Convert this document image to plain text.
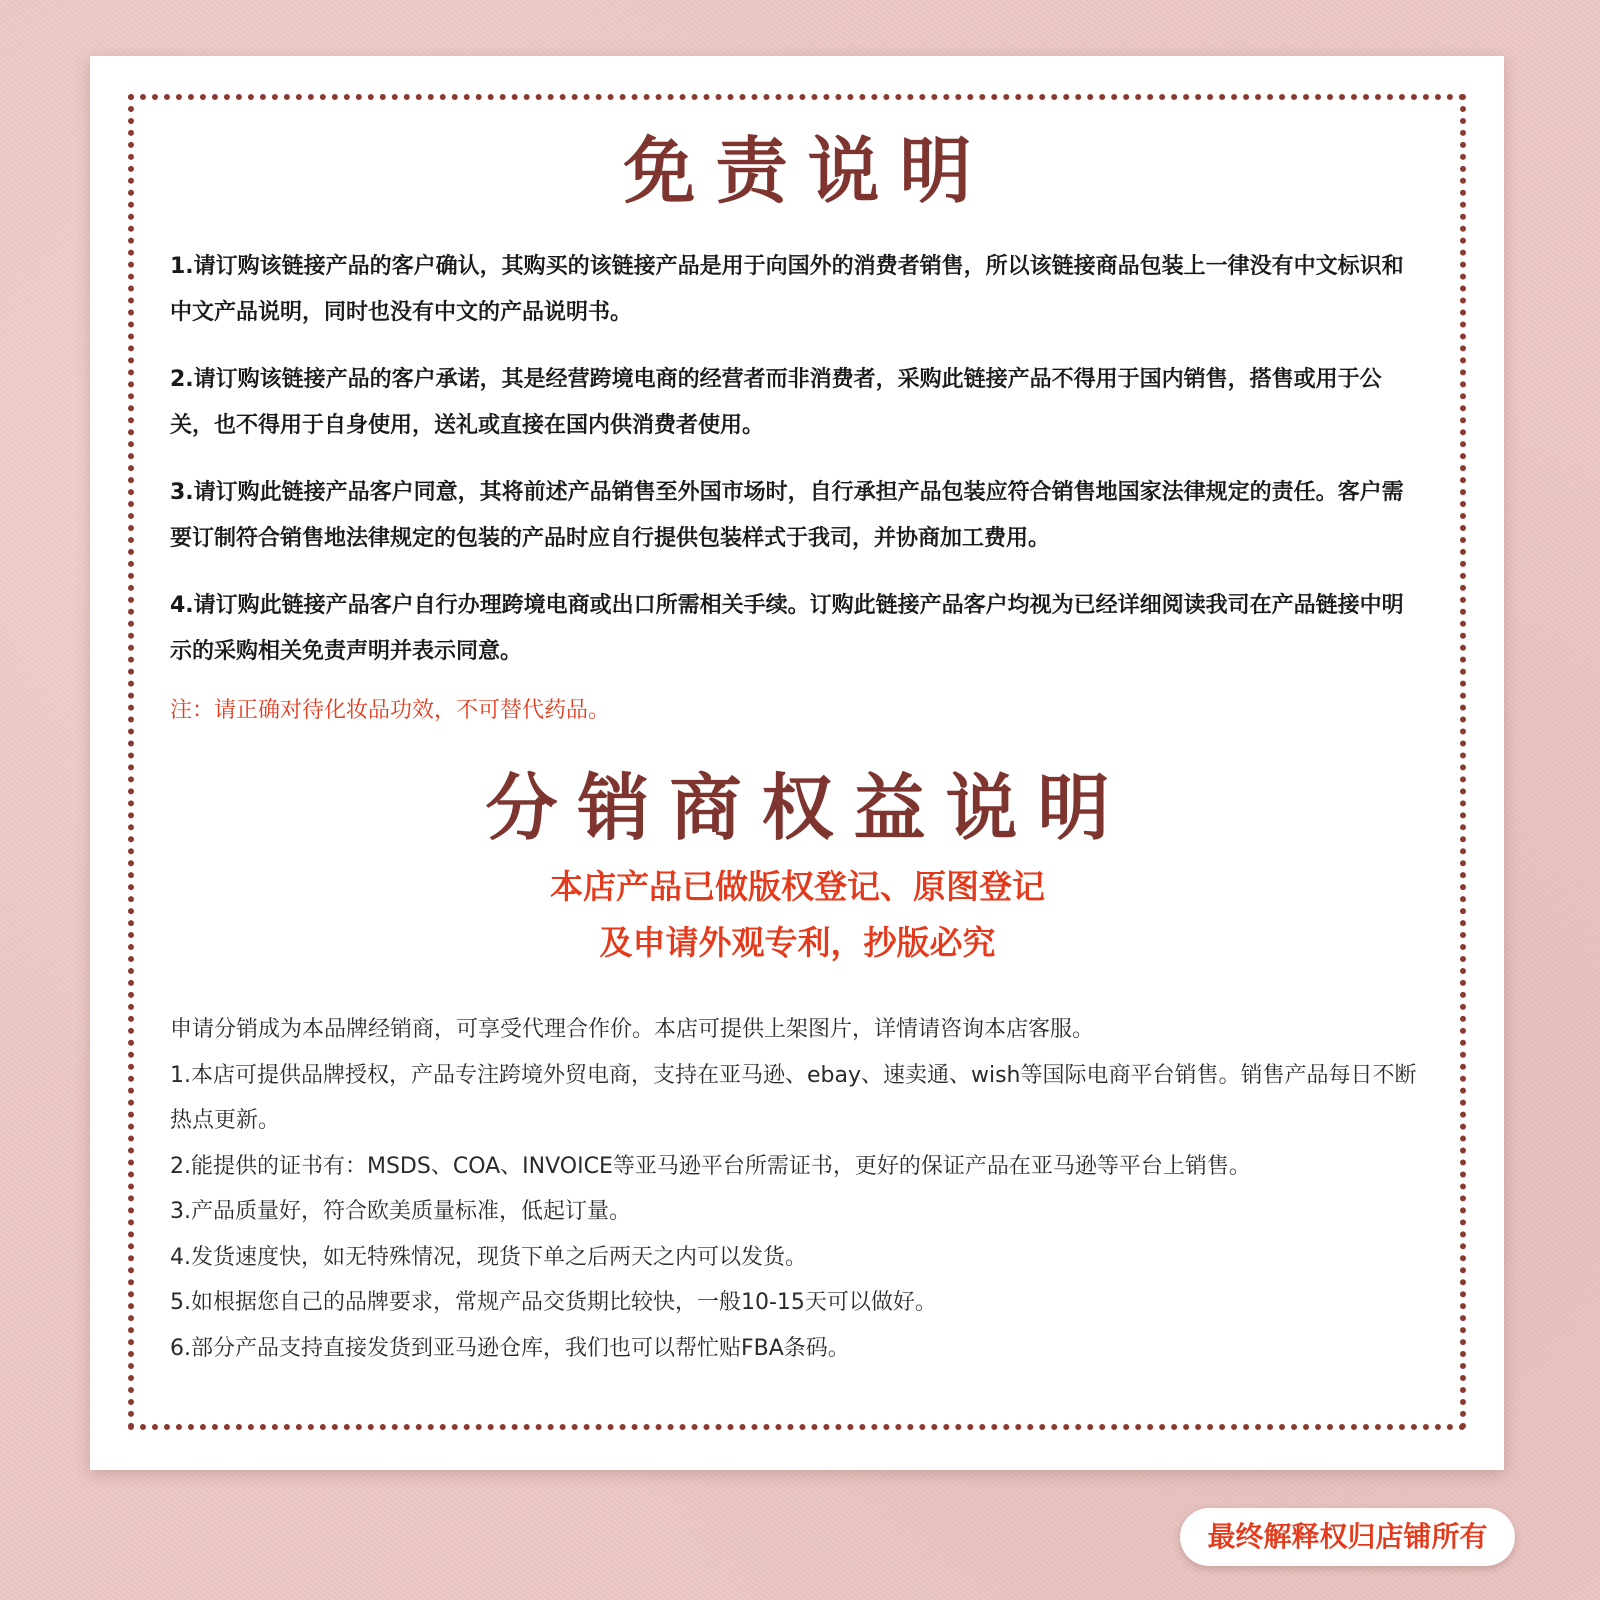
免责说明

1.请订购该链接产品的客户确认，其购买的该链接产品是用于向国外的消费者销售，所以该链接商品包装上一律没有中文标识和中文产品说明，同时也没有中文的产品说明书。

2.请订购该链接产品的客户承诺，其是经营跨境电商的经营者而非消费者，采购此链接产品不得用于国内销售，搭售或用于公关，也不得用于自身使用，送礼或直接在国内供消费者使用。

3.请订购此链接产品客户同意，其将前述产品销售至外国市场时，自行承担产品包装应符合销售地国家法律规定的责任。客户需要订制符合销售地法律规定的包装的产品时应自行提供包装样式于我司，并协商加工费用。

4.请订购此链接产品客户自行办理跨境电商或出口所需相关手续。订购此链接产品客户均视为已经详细阅读我司在产品链接中明示的采购相关免责声明并表示同意。

注：请正确对待化妆品功效，不可替代药品。

分销商权益说明

本店产品已做版权登记、原图登记

及申请外观专利，抄版必究

申请分销成为本品牌经销商，可享受代理合作价。本店可提供上架图片，详情请咨询本店客服。

1.本店可提供品牌授权，产品专注跨境外贸电商，支持在亚马逊、ebay、速卖通、wish等国际电商平台销售。销售产品每日不断热点更新。

2.能提供的证书有：MSDS、COA、INVOICE等亚马逊平台所需证书，更好的保证产品在亚马逊等平台上销售。

3.产品质量好，符合欧美质量标准，低起订量。

4.发货速度快，如无特殊情况，现货下单之后两天之内可以发货。

5.如根据您自己的品牌要求，常规产品交货期比较快，一般10-15天可以做好。

6.部分产品支持直接发货到亚马逊仓库，我们也可以帮忙贴FBA条码。

最终解释权归店铺所有
